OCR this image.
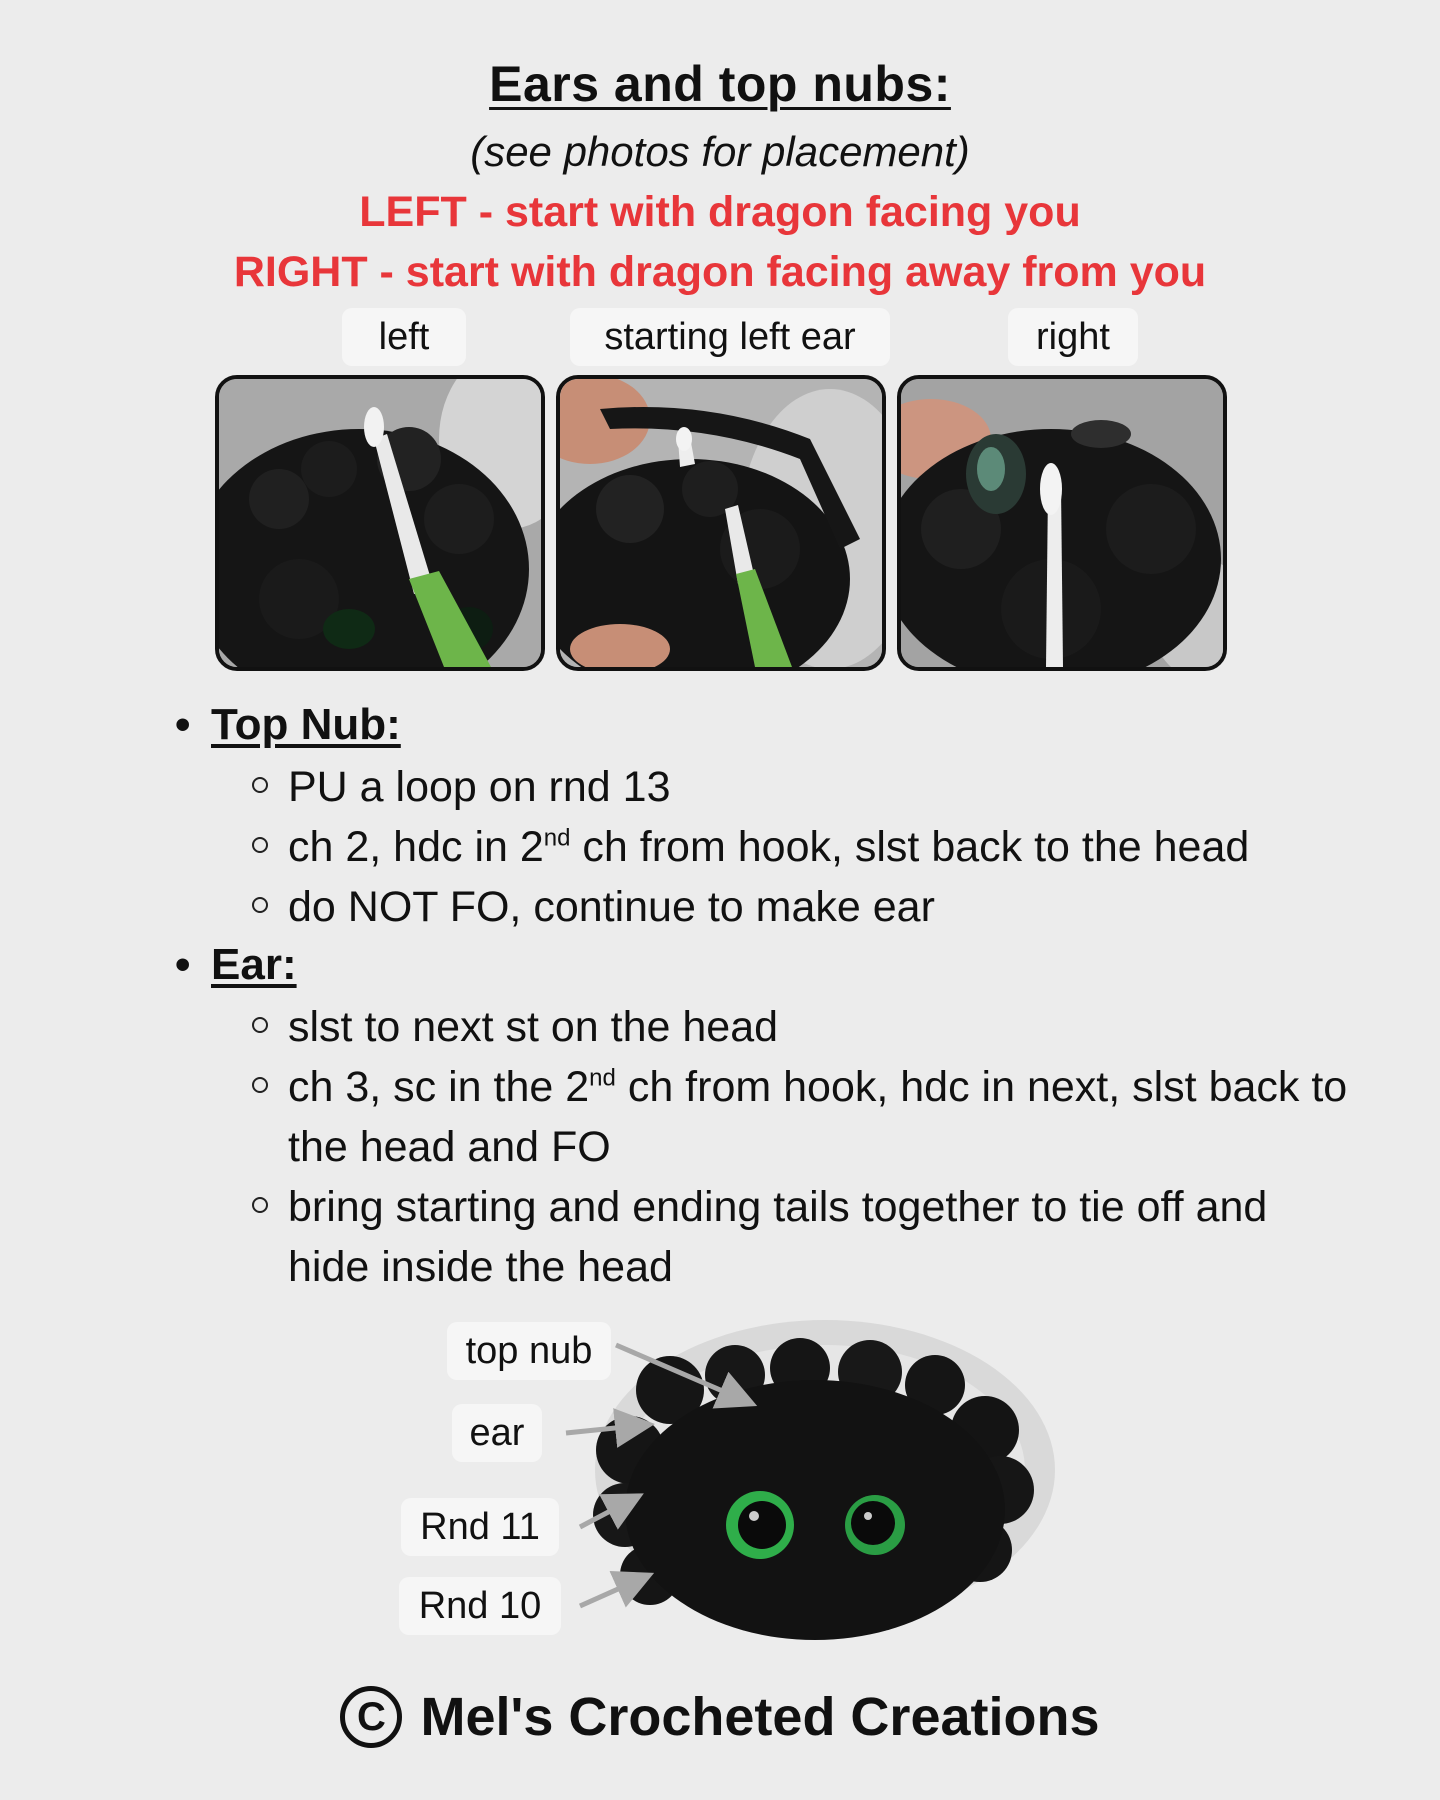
Ears and top nubs:
(see photos for placement)
LEFT - start with dragon facing you
RIGHT - start with dragon facing away from you
left	starting left ear	right
• Top Nub:
PU a loop on rnd 13
ch 2, hdc in 2nd ch from hook, slst back to the head
do NOT FO, continue to make ear
• Ear:
slst to next st on the head
ch 3, sc in the 2nd ch from hook, hdc in next, slst back to the head and FO
bring starting and ending tails together to tie off and hide inside the head
top nub
ear
Rnd 11
Rnd 10
C Mel's Crocheted Creations
